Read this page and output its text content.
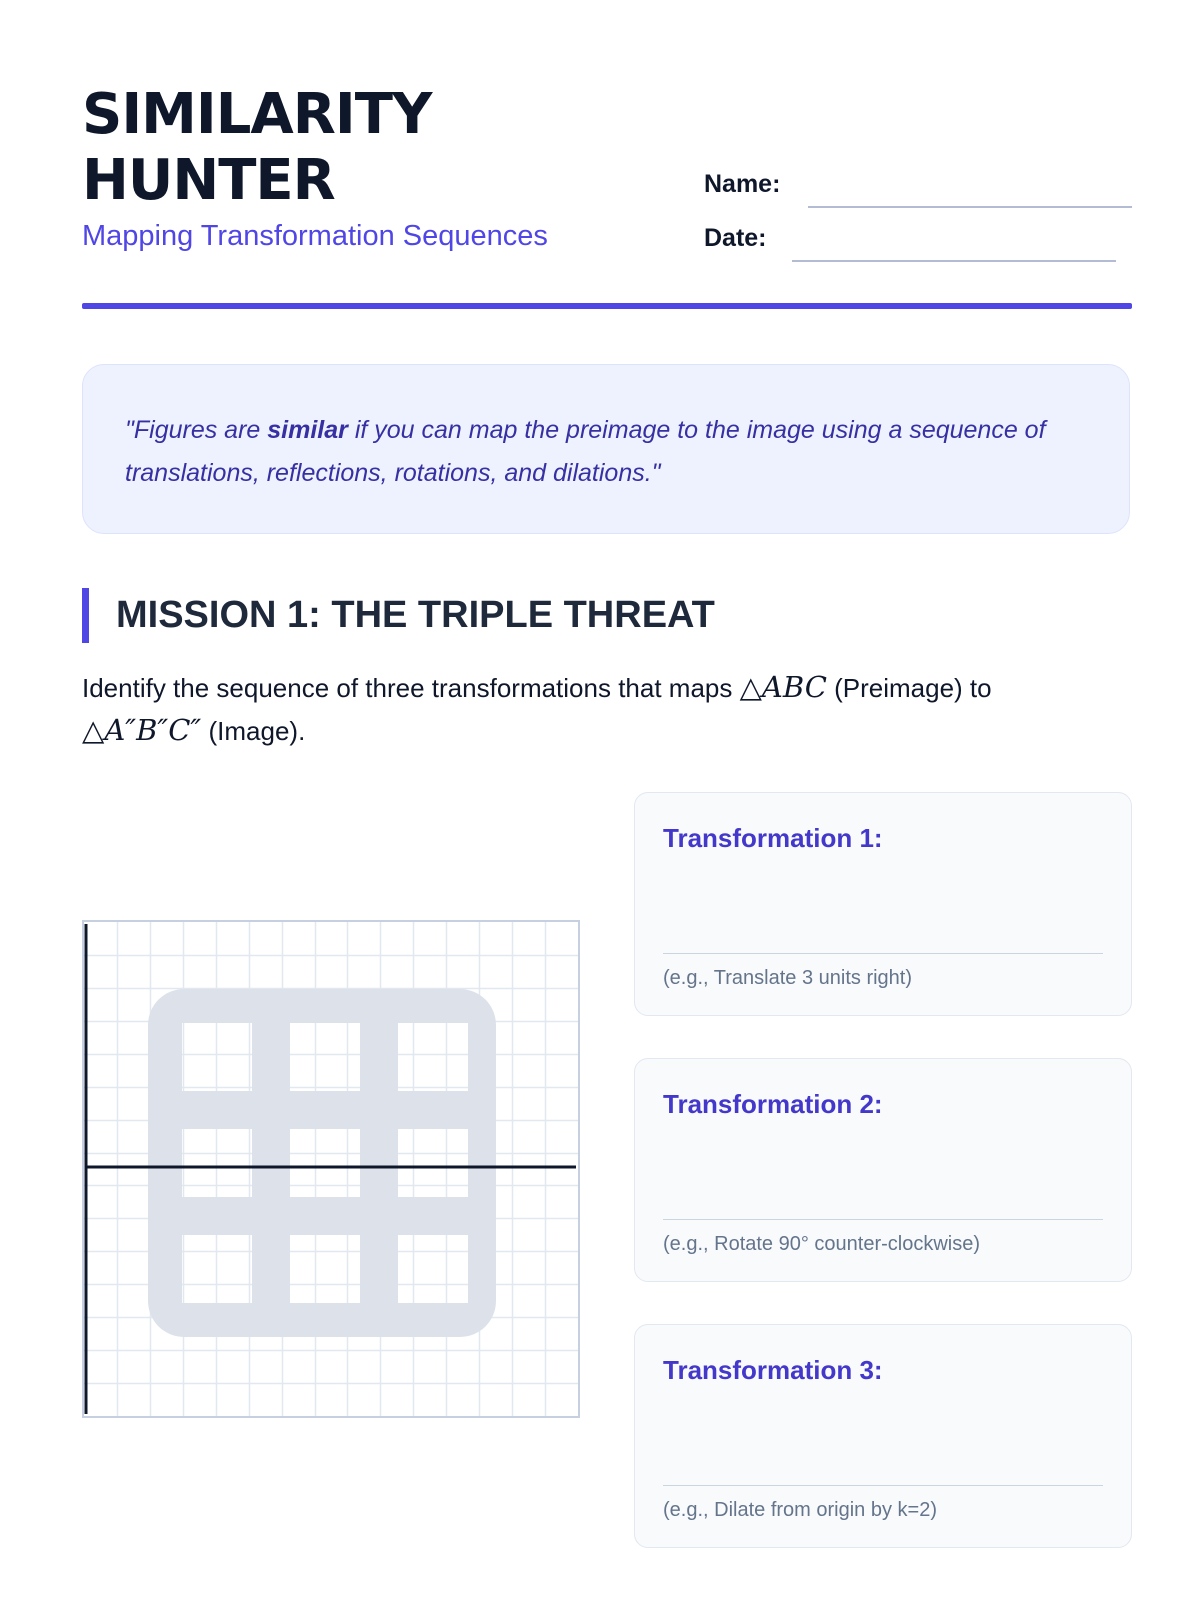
SIMILARITY
HUNTER
Mapping Transformation Sequences
Name:
Date:

"Figures are similar if you can map the preimage to the image using a sequence of translations, reflections, rotations, and dilations."

MISSION 1: THE TRIPLE THREAT

Identify the sequence of three transformations that maps △ABC (Preimage) to
△A″B″C″ (Image).

Transformation 1:
(e.g., Translate 3 units right)
Transformation 2:
(e.g., Rotate 90° counter-clockwise)
Transformation 3:
(e.g., Dilate from origin by k=2)
